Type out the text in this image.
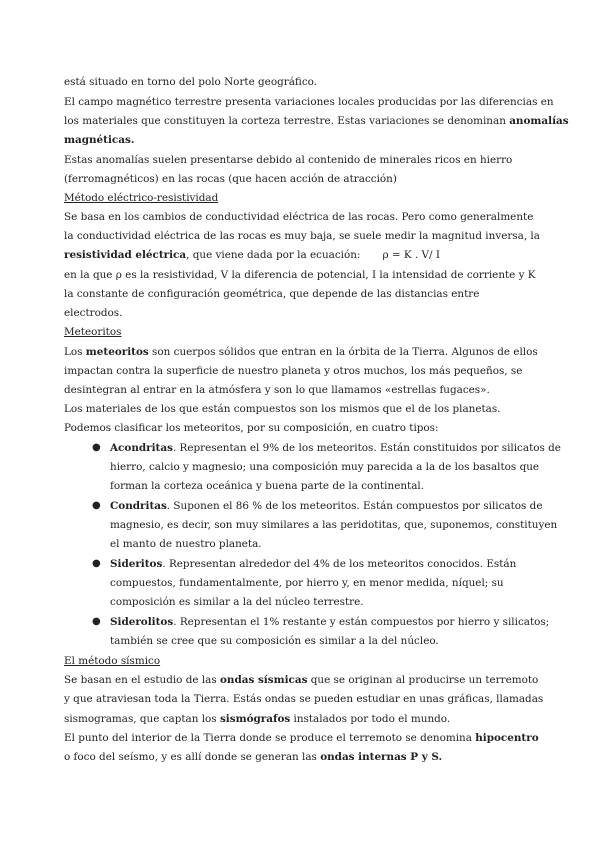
está situado en torno del polo Norte geográfico.
El campo magnético terrestre presenta variaciones locales producidas por las diferencias en
los materiales que constituyen la corteza terrestre. Estas variaciones se denominan anomalías
magnéticas.
Estas anomalías suelen presentarse debido al contenido de minerales ricos en hierro
(ferromagnéticos) en las rocas (que hacen acción de atracción)
Método eléctrico-resistividad
Se basa en los cambios de conductividad eléctrica de las rocas. Pero como generalmente
la conductividad eléctrica de las rocas es muy baja, se suele medir la magnitud inversa, la
resistividad eléctrica, que viene dada por la ecuación: ρ = K . V/ I
en la que ρ es la resistividad, V la diferencia de potencial, I la intensidad de corriente y K
la constante de configuración geométrica, que depende de las distancias entre
electrodos.
Meteoritos
Los meteoritos son cuerpos sólidos que entran en la órbita de la Tierra. Algunos de ellos
impactan contra la superficie de nuestro planeta y otros muchos, los más pequeños, se
desintegran al entrar en la atmósfera y son lo que llamamos «estrellas fugaces».
Los materiales de los que están compuestos son los mismos que el de los planetas.
Podemos clasificar los meteoritos, por su composición, en cuatro tipos:
● Acondritas. Representan el 9% de los meteoritos. Están constituidos por silicatos de
hierro, calcio y magnesio; una composición muy parecida a la de los basaltos que
forman la corteza oceánica y buena parte de la continental.
● Condritas. Suponen el 86 % de los meteoritos. Están compuestos por silicatos de
magnesio, es decir, son muy similares a las peridotitas, que, suponemos, constituyen
el manto de nuestro planeta.
● Sideritos. Representan alrededor del 4% de los meteoritos conocidos. Están
compuestos, fundamentalmente, por hierro y, en menor medida, níquel; su
composición es similar a la del núcleo terrestre.
● Siderolitos. Representan el 1% restante y están compuestos por hierro y silicatos;
también se cree que su composición es similar a la del núcleo.
El método sísmico
Se basan en el estudio de las ondas sísmicas que se originan al producirse un terremoto
y que atraviesan toda la Tierra. Estás ondas se pueden estudiar en unas gráficas, llamadas
sismogramas, que captan los sismógrafos instalados por todo el mundo.
El punto del interior de la Tierra donde se produce el terremoto se denomina hipocentro
o foco del seísmo, y es allí donde se generan las ondas internas P y S.
